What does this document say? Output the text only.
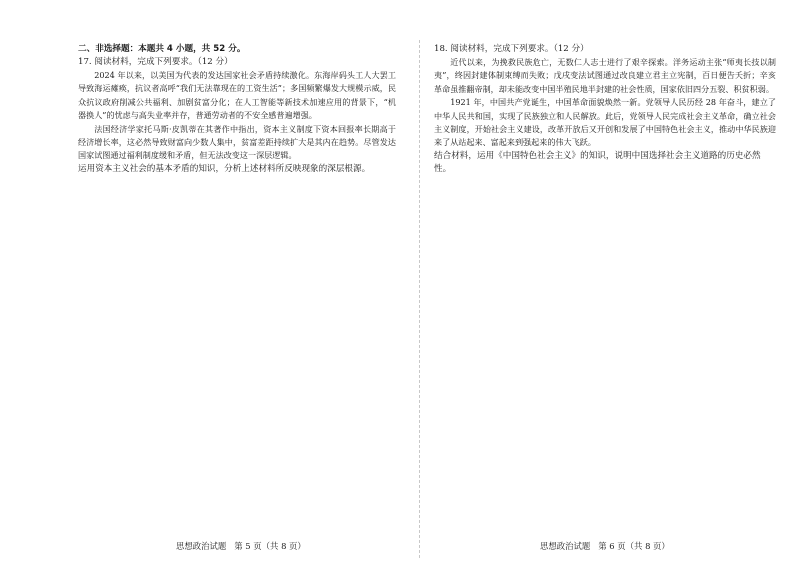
二、非选择题：本题共 4 小题，共 52 分。
17. 阅读材料，完成下列要求。（12 分）
2024 年以来，以美国为代表的发达国家社会矛盾持续激化。东海岸码头工人大罢工导致海运瘫痪，抗议者高呼“我们无法靠现在的工资生活”；多国频繁爆发大规模示威，民众抗议政府削减公共福利、加剧贫富分化；在人工智能等新技术加速应用的背景下，“机器换人”的忧虑与高失业率并存，普通劳动者的不安全感普遍增强。
法国经济学家托马斯·皮凯蒂在其著作中指出，资本主义制度下资本回报率长期高于经济增长率，这必然导致财富向少数人集中，贫富差距持续扩大是其内在趋势。尽管发达国家试图通过福利制度缓和矛盾，但无法改变这一深层逻辑。
运用资本主义社会的基本矛盾的知识，分析上述材料所反映现象的深层根源。
思想政治试题 第 5 页（共 8 页）
18. 阅读材料，完成下列要求。（12 分）
近代以来，为挽救民族危亡，无数仁人志士进行了艰辛探索。洋务运动主张“师夷长技以制夷”，终因封建体制束缚而失败；戊戌变法试图通过改良建立君主立宪制，百日便告夭折；辛亥革命虽推翻帝制，却未能改变中国半殖民地半封建的社会性质，国家依旧四分五裂、积贫积弱。
1921 年，中国共产党诞生，中国革命面貌焕然一新。党领导人民历经 28 年奋斗，建立了中华人民共和国，实现了民族独立和人民解放。此后，党领导人民完成社会主义革命，确立社会主义制度，开始社会主义建设，改革开放后又开创和发展了中国特色社会主义，推动中华民族迎来了从站起来、富起来到强起来的伟大飞跃。
结合材料，运用《中国特色社会主义》的知识，说明中国选择社会主义道路的历史必然性。
思想政治试题 第 6 页（共 8 页）
